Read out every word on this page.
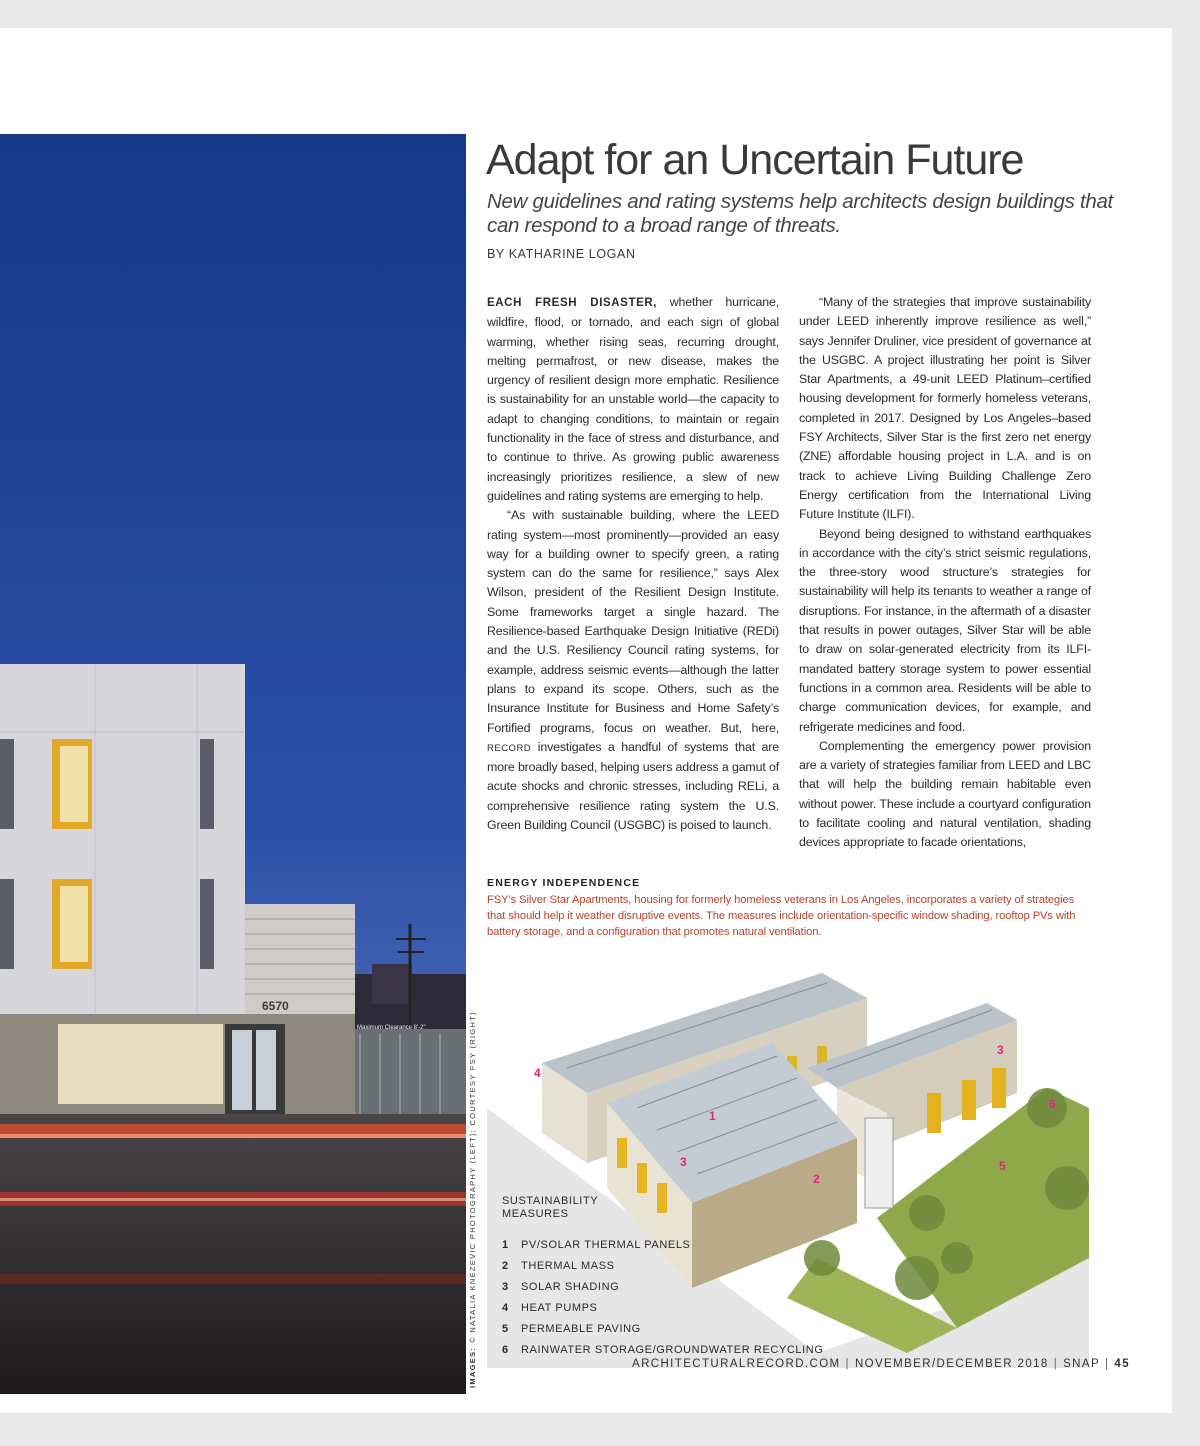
6570
Maximum Clearance 8'-2"
IMAGES:© NATALIA KNEZEVIC PHOTOGRAPHY (LEFT); COURTESY FSY (RIGHT)
Adapt for an Uncertain Future
New guidelines and rating systems help architects design buildings that can respond to a broad range of threats.
BY KATHARINE LOGAN

EACH FRESH DISASTER, whether hurricane, wildfire, flood, or tornado, and each sign of global warming, whether rising seas, recurring drought, melting permafrost, or new disease, makes the urgency of resilient design more emphatic. Resilience is sustainability for an unstable world—the capacity to adapt to changing conditions, to maintain or regain functionality in the face of stress and disturbance, and to continue to thrive. As growing public awareness increasingly prioritizes resilience, a slew of new guidelines and rating systems are emerging to help.

“As with sustainable building, where the LEED rating system—most prominently—provided an easy way for a building owner to specify green, a rating system can do the same for resilience,” says Alex Wilson, president of the Resilient Design Institute. Some frameworks target a single hazard. The Resilience-based Earthquake Design Initiative (REDi) and the U.S. Resiliency Council rating systems, for example, address seismic events—although the latter plans to expand its scope. Others, such as the Insurance Institute for Business and Home Safety’s Fortified programs, focus on weather. But, here, RECORD investigates a handful of systems that are more broadly based, helping users address a gamut of acute shocks and chronic stresses, including RELi, a comprehensive resilience rating system the U.S. Green Building Council (USGBC) is poised to launch.

“Many of the strategies that improve sustainability under LEED inherently improve resilience as well,” says Jennifer Druliner, vice president of governance at the USGBC. A project illustrating her point is Silver Star Apartments, a 49-unit LEED Platinum–certified housing development for formerly homeless veterans, completed in 2017. Designed by Los Angeles–based FSY Architects, Silver Star is the first zero net energy (ZNE) affordable housing project in L.A. and is on track to achieve Living Building Challenge Zero Energy certification from the International Living Future Institute (ILFI).

Beyond being designed to withstand earthquakes in accordance with the city’s strict seismic regulations, the three-story wood structure’s strategies for sustainability will help its tenants to weather a range of disruptions. For instance, in the aftermath of a disaster that results in power outages, Silver Star will be able to draw on solar-generated electricity from its ILFI-mandated battery storage system to power essential functions in a common area. Residents will be able to charge communication devices, for example, and refrigerate medicines and food.

Complementing the emergency power provision are a variety of strategies familiar from LEED and LBC that will help the building remain habitable even without power. These include a courtyard configuration to facilitate cooling and natural ventilation, shading devices appropriate to facade orientations,

ENERGY INDEPENDENCE
FSY’s Silver Star Apartments, housing for formerly homeless veterans in Los Angeles, incorporates a variety of strategies that should help it weather disruptive events. The measures include orientation-specific window shading, rooftop PVs with battery storage, and a configuration that promotes natural ventilation.
1
2
3
3
4
5
6
SUSTAINABILITY MEASURES
1 PV/SOLAR THERMAL PANELS
2 THERMAL MASS
3 SOLAR SHADING
4 HEAT PUMPS
5 PERMEABLE PAVING
6 RAINWATER STORAGE/GROUNDWATER RECYCLING
ARCHITECTURALRECORD.COM | NOVEMBER/DECEMBER 2018 | SNAP | 45
